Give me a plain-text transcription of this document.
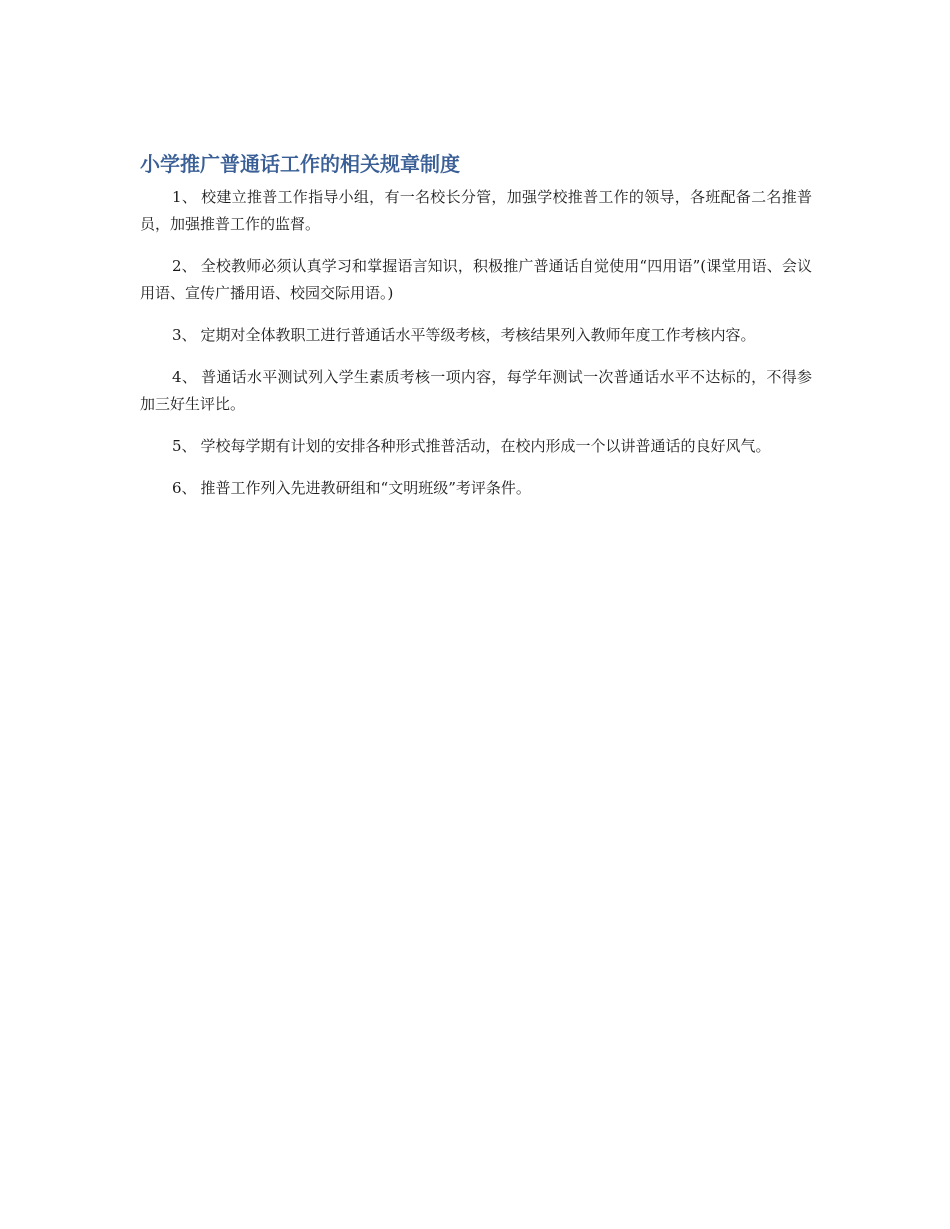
小学推广普通话工作的相关规章制度

1、 校建立推普工作指导小组，有一名校长分管，加强学校推普工作的领导，各班配备二名推普员，加强推普工作的监督。

2、 全校教师必须认真学习和掌握语言知识，积极推广普通话自觉使用“四用语”(课堂用语、会议用语、宣传广播用语、校园交际用语。)

3、 定期对全体教职工进行普通话水平等级考核，考核结果列入教师年度工作考核内容。

4、 普通话水平测试列入学生素质考核一项内容，每学年测试一次普通话水平不达标的，不得参加三好生评比。

5、 学校每学期有计划的安排各种形式推普活动，在校内形成一个以讲普通话的良好风气。

6、 推普工作列入先进教研组和“文明班级”考评条件。
